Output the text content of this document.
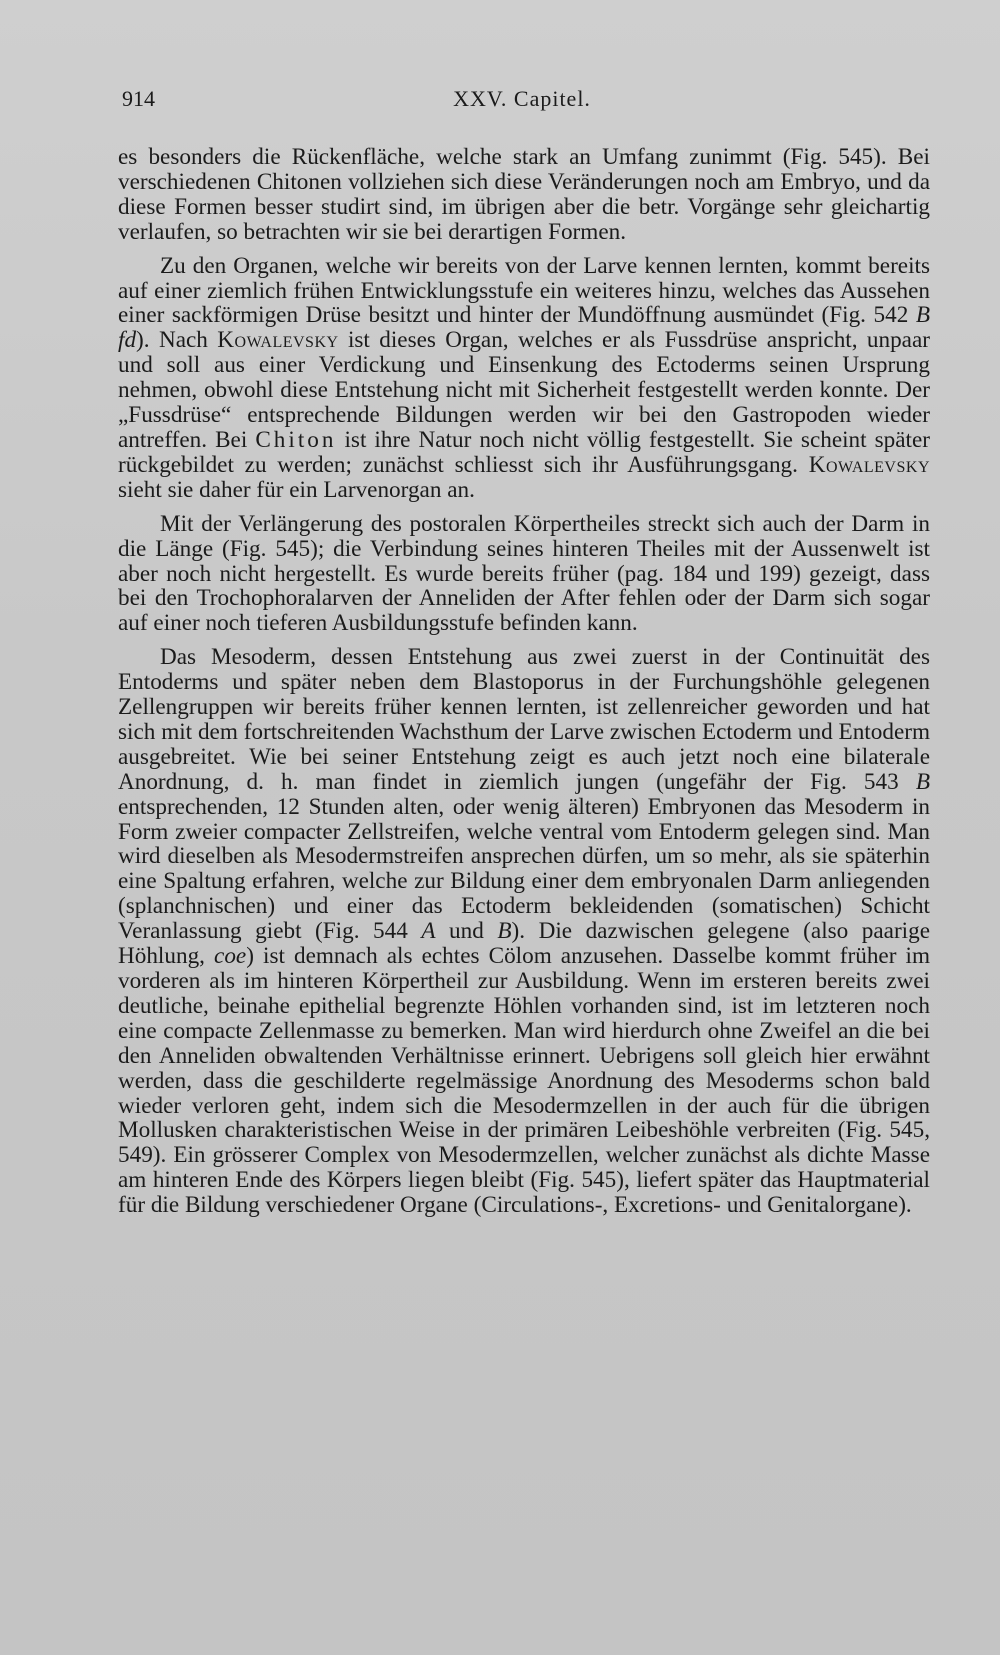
914	XXV. Capitel.

es besonders die Rückenfläche, welche stark an Umfang zunimmt (Fig. 545). Bei verschiedenen Chitonen vollziehen sich diese Veränderungen noch am Embryo, und da diese Formen besser studirt sind, im übrigen aber die betr. Vorgänge sehr gleichartig verlaufen, so betrachten wir sie bei derartigen Formen.

Zu den Organen, welche wir bereits von der Larve kennen lernten, kommt bereits auf einer ziemlich frühen Entwicklungsstufe ein weiteres hinzu, welches das Aussehen einer sackförmigen Drüse besitzt und hinter der Mundöffnung ausmündet (Fig. 542 B fd). Nach Kowalevsky ist dieses Organ, welches er als Fussdrüse anspricht, unpaar und soll aus einer Verdickung und Einsenkung des Ectoderms seinen Ursprung nehmen, obwohl diese Entstehung nicht mit Sicherheit festgestellt werden konnte. Der „Fussdrüse“ entsprechende Bildungen werden wir bei den Gastropoden wieder antreffen. Bei Chiton ist ihre Natur noch nicht völlig festgestellt. Sie scheint später rückgebildet zu werden; zunächst schliesst sich ihr Ausführungsgang. Kowalevsky sieht sie daher für ein Larvenorgan an.

Mit der Verlängerung des postoralen Körpertheiles streckt sich auch der Darm in die Länge (Fig. 545); die Verbindung seines hinteren Theiles mit der Aussenwelt ist aber noch nicht hergestellt. Es wurde bereits früher (pag. 184 und 199) gezeigt, dass bei den Trochophoralarven der Anneliden der After fehlen oder der Darm sich sogar auf einer noch tieferen Ausbildungsstufe befinden kann.

Das Mesoderm, dessen Entstehung aus zwei zuerst in der Continuität des Entoderms und später neben dem Blastoporus in der Furchungshöhle gelegenen Zellengruppen wir bereits früher kennen lernten, ist zellenreicher geworden und hat sich mit dem fortschreitenden Wachsthum der Larve zwischen Ectoderm und Entoderm ausgebreitet. Wie bei seiner Entstehung zeigt es auch jetzt noch eine bilaterale Anordnung, d. h. man findet in ziemlich jungen (ungefähr der Fig. 543 B entsprechenden, 12 Stunden alten, oder wenig älteren) Embryonen das Mesoderm in Form zweier compacter Zellstreifen, welche ventral vom Entoderm gelegen sind. Man wird dieselben als Mesodermstreifen ansprechen dürfen, um so mehr, als sie späterhin eine Spaltung erfahren, welche zur Bildung einer dem embryonalen Darm anliegenden (splanchnischen) und einer das Ectoderm bekleidenden (somatischen) Schicht Veranlassung giebt (Fig. 544 A und B). Die dazwischen gelegene (also paarige Höhlung, coe) ist demnach als echtes Cölom anzusehen. Dasselbe kommt früher im vorderen als im hinteren Körpertheil zur Ausbildung. Wenn im ersteren bereits zwei deutliche, beinahe epithelial begrenzte Höhlen vorhanden sind, ist im letzteren noch eine compacte Zellenmasse zu bemerken. Man wird hierdurch ohne Zweifel an die bei den Anneliden obwaltenden Verhältnisse erinnert. Uebrigens soll gleich hier erwähnt werden, dass die geschilderte regelmässige Anordnung des Mesoderms schon bald wieder verloren geht, indem sich die Mesodermzellen in der auch für die übrigen Mollusken charakteristischen Weise in der primären Leibeshöhle verbreiten (Fig. 545, 549). Ein grösserer Complex von Mesodermzellen, welcher zunächst als dichte Masse am hinteren Ende des Körpers liegen bleibt (Fig. 545), liefert später das Hauptmaterial für die Bildung verschiedener Organe (Circulations-, Excretions- und Genitalorgane).
